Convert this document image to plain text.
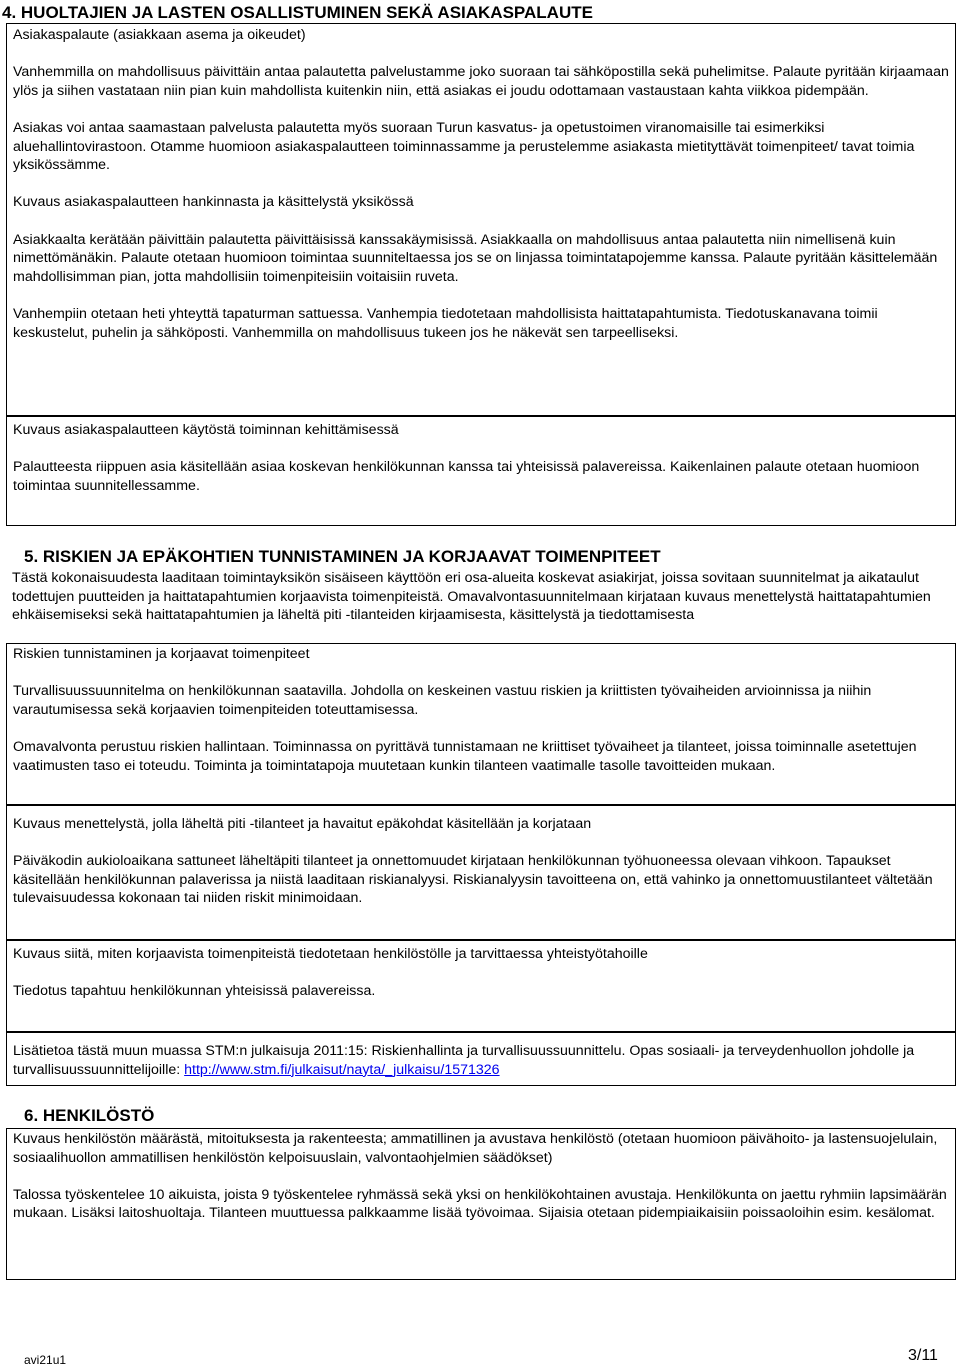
4. HUOLTAJIEN JA LASTEN OSALLISTUMINEN SEKÄ ASIAKASPALAUTE

Asiakaspalaute (asiakkaan asema ja oikeudet)

Vanhemmilla on mahdollisuus päivittäin antaa palautetta palvelustamme joko suoraan tai sähköpostilla sekä puhelimitse. Palaute pyritään kirjaamaan ylös ja siihen vastataan niin pian kuin mahdollista kuitenkin niin, että asiakas ei joudu odottamaan vastaustaan kahta viikkoa pidempään.

Asiakas voi antaa saamastaan palvelusta palautetta myös suoraan Turun kasvatus- ja opetustoimen viranomaisille tai esimerkiksi aluehallintovirastoon. Otamme huomioon asiakaspalautteen toiminnassamme ja perustelemme asiakasta mietityttävät toimenpiteet/ tavat toimia yksikössämme.

Kuvaus asiakaspalautteen hankinnasta ja käsittelystä yksikössä

Asiakkaalta kerätään päivittäin palautetta päivittäisissä kanssakäymisissä. Asiakkaalla on mahdollisuus antaa palautetta niin nimellisenä kuin nimettömänäkin. Palaute otetaan huomioon toimintaa suunniteltaessa jos se on linjassa toimintatapojemme kanssa. Palaute pyritään käsittelemään mahdollisimman pian, jotta mahdollisiin toimenpiteisiin voitaisiin ruveta.

Vanhempiin otetaan heti yhteyttä tapaturman sattuessa. Vanhempia tiedotetaan mahdollisista haittatapahtumista. Tiedotuskanavana toimii keskustelut, puhelin ja sähköposti. Vanhemmilla on mahdollisuus tukeen jos he näkevät sen tarpeelliseksi.

Kuvaus asiakaspalautteen käytöstä toiminnan kehittämisessä

Palautteesta riippuen asia käsitellään asiaa koskevan henkilökunnan kanssa tai yhteisissä palavereissa. Kaikenlainen palaute otetaan huomioon toimintaa suunnitellessamme.

5. RISKIEN JA EPÄKOHTIEN TUNNISTAMINEN JA KORJAAVAT TOIMENPITEET

Tästä kokonaisuudesta laaditaan toimintayksikön sisäiseen käyttöön eri osa-alueita koskevat asiakirjat, joissa sovitaan suunnitelmat ja aikataulut todettujen puutteiden ja haittatapahtumien korjaavista toimenpiteistä. Omavalvontasuunnitelmaan kirjataan kuvaus menettelystä haittatapahtumien ehkäisemiseksi sekä haittatapahtumien ja läheltä piti -tilanteiden kirjaamisesta, käsittelystä ja tiedottamisesta

Riskien tunnistaminen ja korjaavat toimenpiteet

Turvallisuussuunnitelma on henkilökunnan saatavilla. Johdolla on keskeinen vastuu riskien ja kriittisten työvaiheiden arvioinnissa ja niihin varautumisessa sekä korjaavien toimenpiteiden toteuttamisessa.

Omavalvonta perustuu riskien hallintaan. Toiminnassa on pyrittävä tunnistamaan ne kriittiset työvaiheet ja tilanteet, joissa toiminnalle asetettujen vaatimusten taso ei toteudu. Toiminta ja toimintatapoja muutetaan kunkin tilanteen vaatimalle tasolle tavoitteiden mukaan.

Kuvaus menettelystä, jolla läheltä piti -tilanteet ja havaitut epäkohdat käsitellään ja korjataan

Päiväkodin aukioloaikana sattuneet läheltäpiti tilanteet ja onnettomuudet kirjataan henkilökunnan työhuoneessa olevaan vihkoon. Tapaukset käsitellään henkilökunnan palaverissa ja niistä laaditaan riskianalyysi. Riskianalyysin tavoitteena on, että vahinko ja onnettomuustilanteet vältetään tulevaisuudessa kokonaan tai niiden riskit minimoidaan.

Kuvaus siitä, miten korjaavista toimenpiteistä tiedotetaan henkilöstölle ja tarvittaessa yhteistyötahoille

Tiedotus tapahtuu henkilökunnan yhteisissä palavereissa.

Lisätietoa tästä muun muassa STM:n julkaisuja 2011:15: Riskienhallinta ja turvallisuussuunnittelu. Opas sosiaali- ja terveydenhuollon johdolle ja turvallisuussuunnittelijoille: http://www.stm.fi/julkaisut/nayta/_julkaisu/1571326

6. HENKILÖSTÖ

Kuvaus henkilöstön määrästä, mitoituksesta ja rakenteesta; ammatillinen ja avustava henkilöstö (otetaan huomioon päivähoito- ja lastensuojelulain, sosiaalihuollon ammatillisen henkilöstön kelpoisuuslain, valvontaohjelmien säädökset)

Talossa työskentelee 10 aikuista, joista 9 työskentelee ryhmässä sekä yksi on henkilökohtainen avustaja. Henkilökunta on jaettu ryhmiin lapsimäärän mukaan. Lisäksi laitoshuoltaja. Tilanteen muuttuessa palkkaamme lisää työvoimaa. Sijaisia otetaan pidempiaikaisiin poissaoloihin esim. kesälomat.

avi21u1	3/11
